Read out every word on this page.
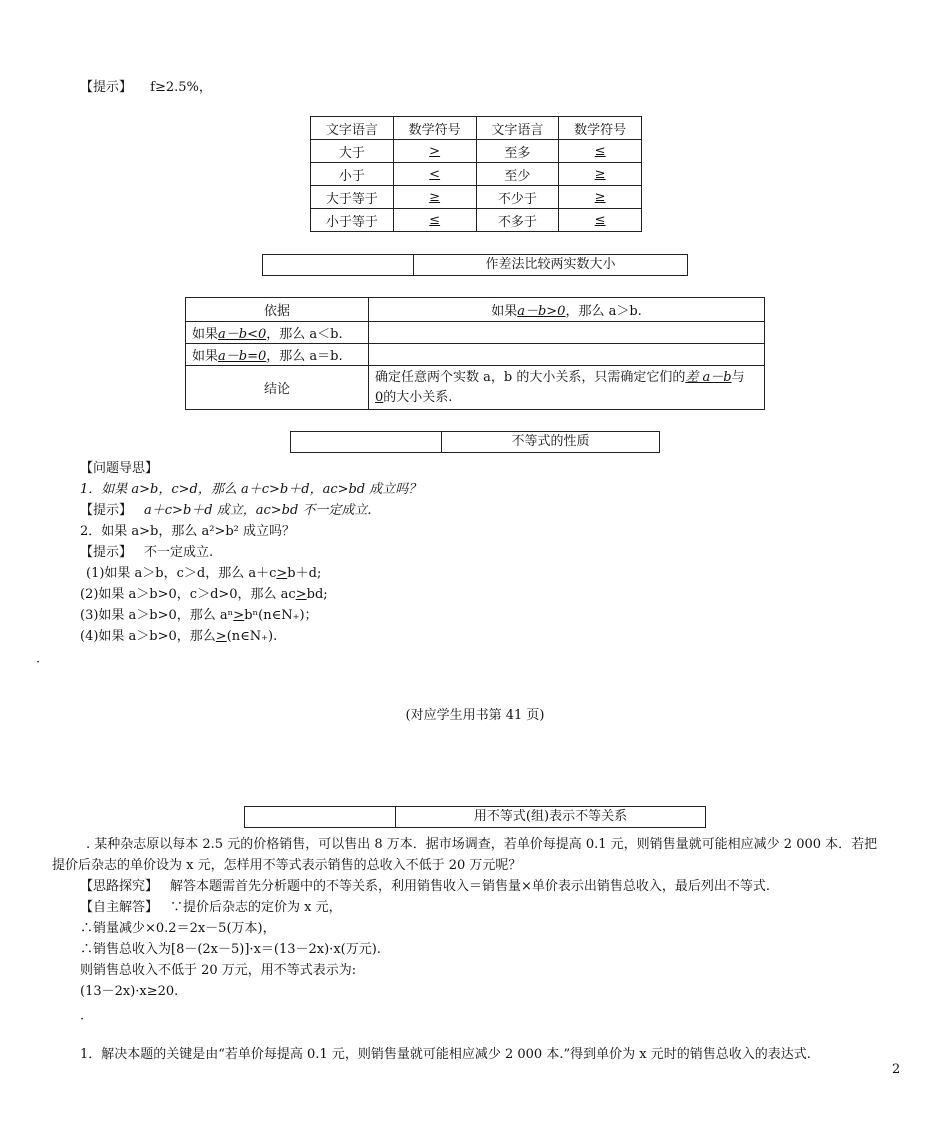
【提示】 f≥2.5%，
文字语言	数学符号	文字语言	数学符号
大于	>	至多	≤
小于	<	至少	≥
大于等于	≥	不少于	≥
小于等于	≤	不多于	≤
作差法比较两实数大小
依据	如果a－b>0，那么 a＞b.
如果a－b<0，那么 a＜b.	
如果a－b=0，那么 a＝b.	
结论	确定任意两个实数 a，b 的大小关系，只需确定它们的差 a－b与
0的大小关系.
不等式的性质
【问题导思】
1．如果 a>b，c>d，那么 a＋c>b＋d，ac>bd 成立吗？
【提示】 a＋c>b＋d 成立，ac>bd 不一定成立.
2．如果 a>b，那么 a²>b² 成立吗？
【提示】 不一定成立.
(1)如果 a＞b，c＞d，那么 a＋c>b＋d;
(2)如果 a＞b>0，c＞d>0，那么 ac>bd;
(3)如果 a＞b>0，那么 aⁿ>bⁿ(n∈N₊)；
(4)如果 a＞b>0，那么>(n∈N₊).
·
(对应学生用书第 41 页)
用不等式(组)表示不等关系
. 某种杂志原以每本 2.5 元的价格销售，可以售出 8 万本．据市场调查，若单价每提高 0.1 元，则销售量就可能相应减少 2 000 本．若把
提价后杂志的单价设为 x 元，怎样用不等式表示销售的总收入不低于 20 万元呢？
【思路探究】 解答本题需首先分析题中的不等关系，利用销售收入＝销售量×单价表示出销售总收入，最后列出不等式.
【自主解答】 ∵提价后杂志的定价为 x 元，
∴销量减少×0.2＝2x－5(万本)，
∴销售总收入为[8－(2x－5)]·x＝(13－2x)·x(万元).
则销售总收入不低于 20 万元，用不等式表示为:
(13－2x)·x≥20.
·
1．解决本题的关键是由“若单价每提高 0.1 元，则销售量就可能相应减少 2 000 本.”得到单价为 x 元时的销售总收入的表达式.
2
